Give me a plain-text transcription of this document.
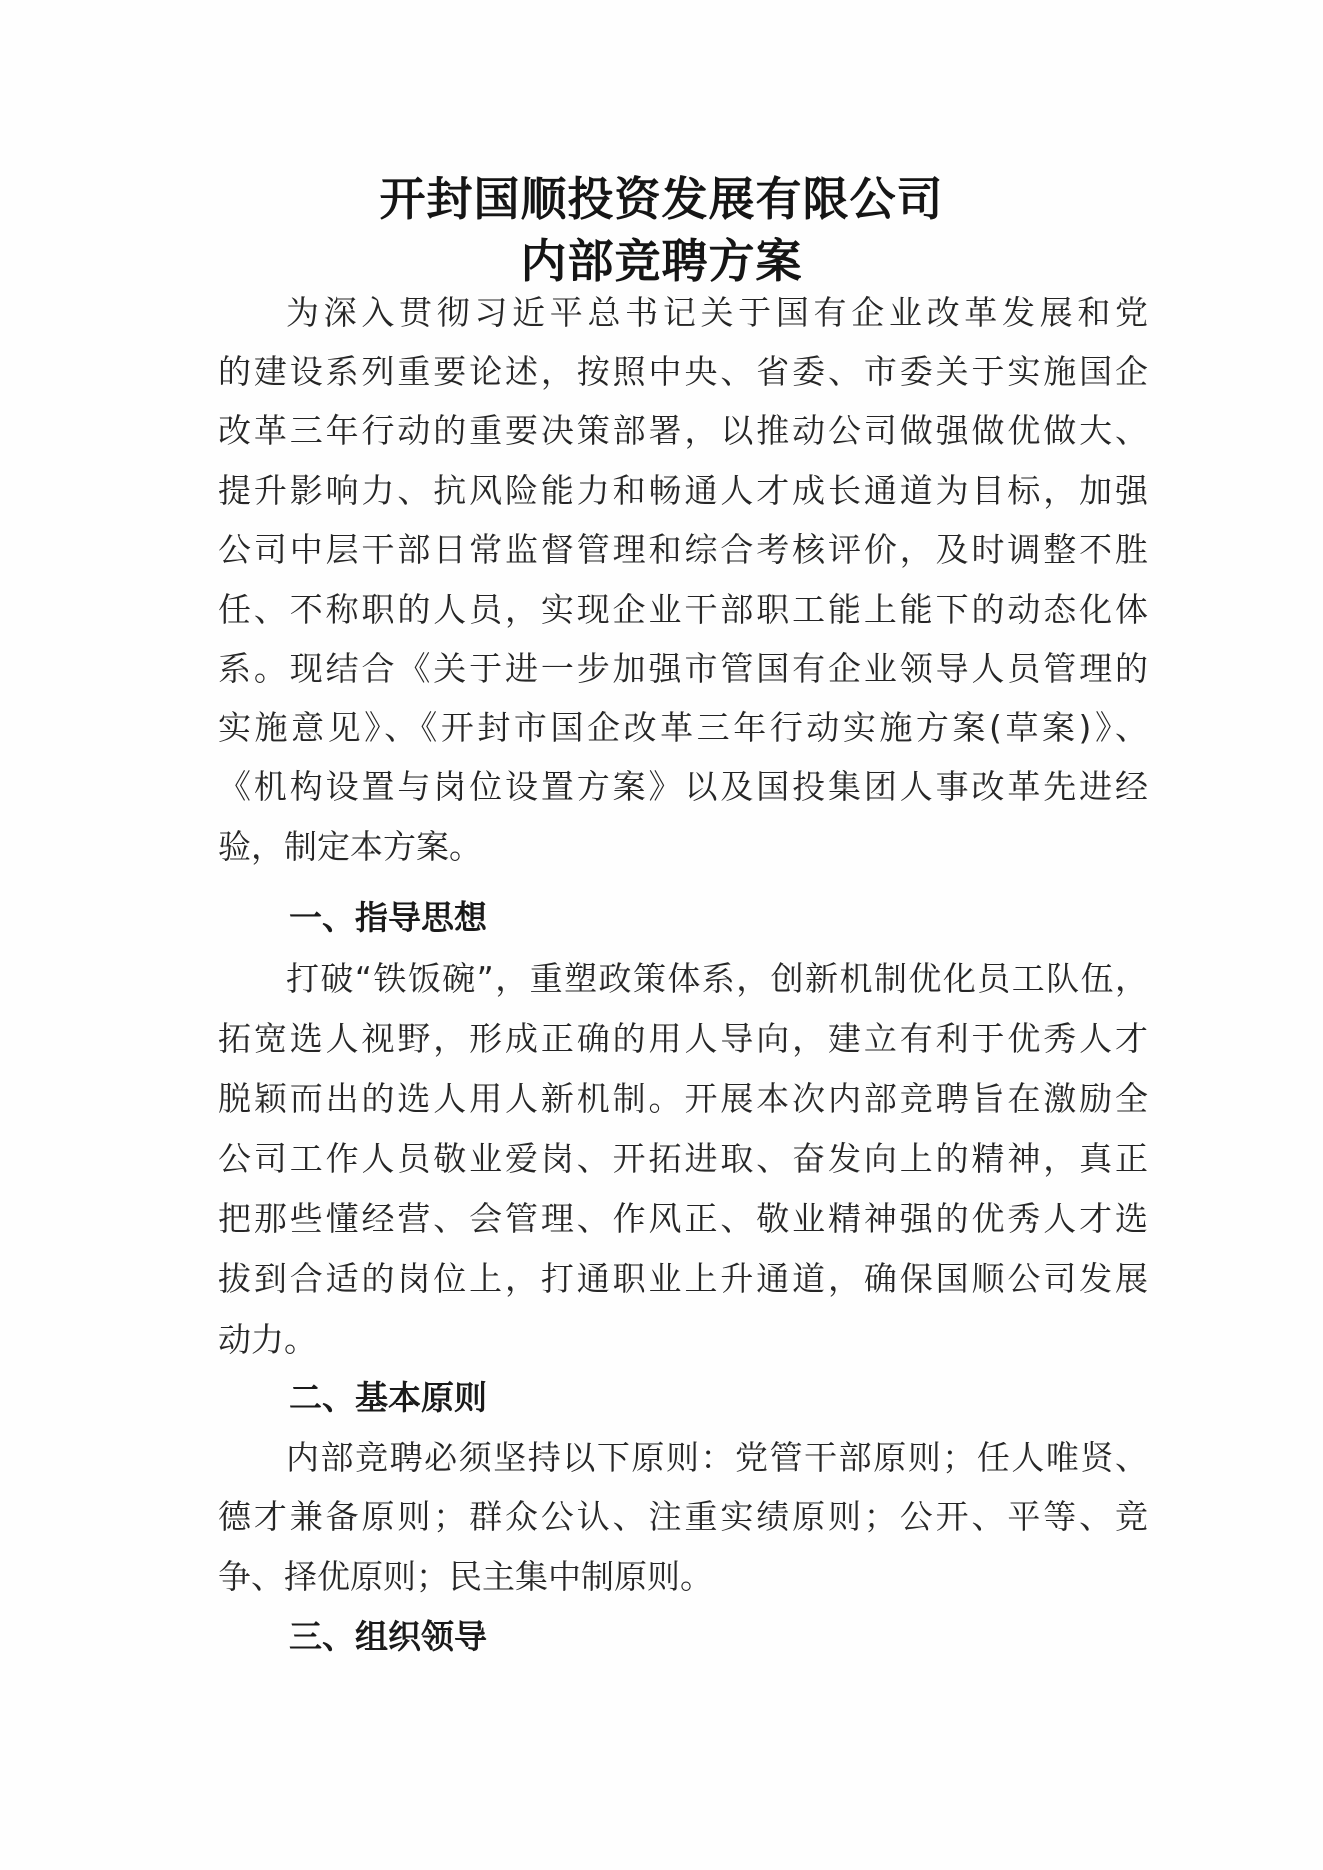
开封国顺投资发展有限公司
内部竞聘方案
为深入贯彻习近平总书记关于国有企业改革发展和党
的建设系列重要论述，按照中央、省委、市委关于实施国企
改革三年行动的重要决策部署，以推动公司做强做优做大、
提升影响力、抗风险能力和畅通人才成长通道为目标，加强
公司中层干部日常监督管理和综合考核评价，及时调整不胜
任、不称职的人员，实现企业干部职工能上能下的动态化体
系。现结合《关于进一步加强市管国有企业领导人员管理的
实施意见》、《开封市国企改革三年行动实施方案(草案)》、
《机构设置与岗位设置方案》以及国投集团人事改革先进经
验，制定本方案。
一、指导思想
打破“铁饭碗”，重塑政策体系，创新机制优化员工队伍，
拓宽选人视野，形成正确的用人导向，建立有利于优秀人才
脱颖而出的选人用人新机制。开展本次内部竞聘旨在激励全
公司工作人员敬业爱岗、开拓进取、奋发向上的精神，真正
把那些懂经营、会管理、作风正、敬业精神强的优秀人才选
拔到合适的岗位上，打通职业上升通道，确保国顺公司发展
动力。
二、基本原则
内部竞聘必须坚持以下原则：党管干部原则；任人唯贤、
德才兼备原则；群众公认、注重实绩原则；公开、平等、竞
争、择优原则；民主集中制原则。
三、组织领导
